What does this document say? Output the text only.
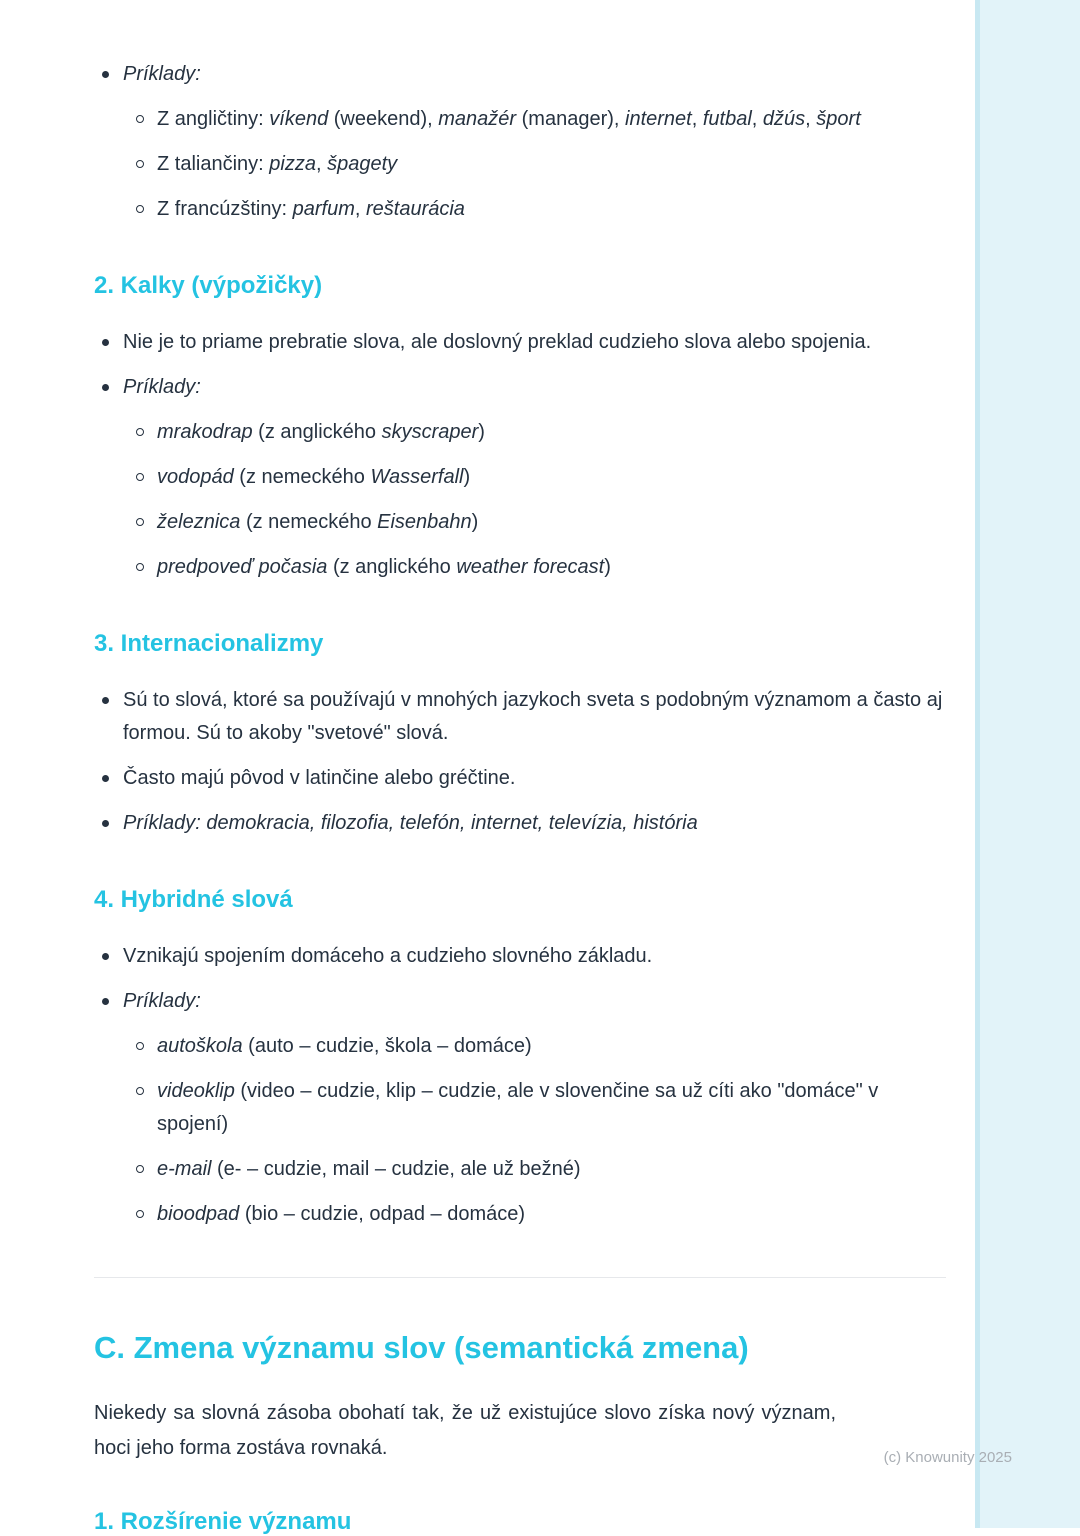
Príklady:
Z angličtiny: víkend (weekend), manažér (manager), internet, futbal, džús, šport
Z taliančiny: pizza, špagety
Z francúzštiny: parfum, reštaurácia
2. Kalky (výpožičky)
Nie je to priame prebratie slova, ale doslovný preklad cudzieho slova alebo spojenia.
Príklady:
mrakodrap (z anglického skyscraper)
vodopád (z nemeckého Wasserfall)
železnica (z nemeckého Eisenbahn)
predpoveď počasia (z anglického weather forecast)
3. Internacionalizmy
Sú to slová, ktoré sa používajú v mnohých jazykoch sveta s podobným významom a často aj formou. Sú to akoby "svetové" slová.
Často majú pôvod v latinčine alebo gréčtine.
Príklady: demokracia, filozofia, telefón, internet, televízia, história
4. Hybridné slová
Vznikajú spojením domáceho a cudzieho slovného základu.
Príklady:
autoškola (auto – cudzie, škola – domáce)
videoklip (video – cudzie, klip – cudzie, ale v slovenčine sa už cíti ako "domáce" v spojení)
e-mail (e- – cudzie, mail – cudzie, ale už bežné)
bioodpad (bio – cudzie, odpad – domáce)
C. Zmena významu slov (semantická zmena)

Niekedy sa slovná zásoba obohatí tak, že už existujúce slovo získa nový význam, hoci jeho forma zostáva rovnaká.

1. Rozšírenie významu
(c) Knowunity 2025
